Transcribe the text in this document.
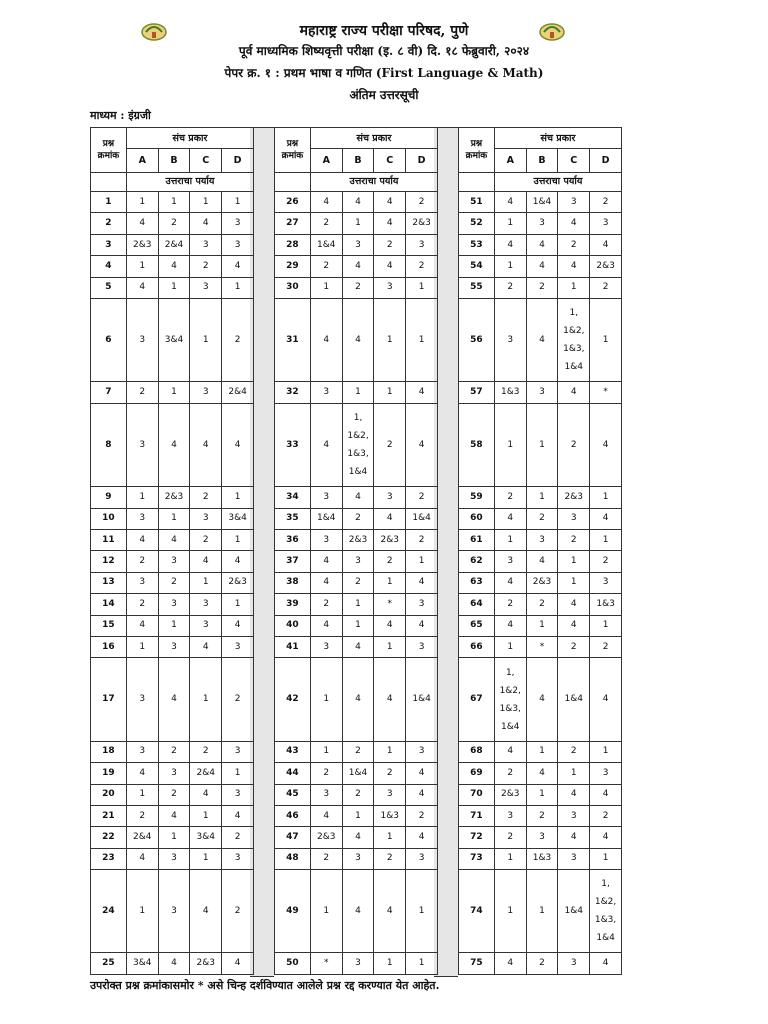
महाराष्ट्र राज्य परीक्षा परिषद, पुणे
पूर्व माध्यमिक शिष्यवृत्ती परीक्षा (इ. ८ वी) दि. १८ फेब्रुवारी, २०२४
पेपर क्र. १ : प्रथम भाषा व गणित (First Language & Math)
अंतिम उत्तरसूची
माध्यम : इंग्रजी
प्रश्न क्रमांक	संच प्रकार			
	A	B	C	D
	उत्तराचा पर्याय			
1	1	1	1	1
2	4	2	4	3
3	2&3	2&4	3	3
4	1	4	2	4
5	4	1	3	1
6	3	3&4	1	2
7	2	1	3	2&4
8	3	4	4	4
9	1	2&3	2	1
10	3	1	3	3&4
11	4	4	2	1
12	2	3	4	4
13	3	2	1	2&3
14	2	3	3	1
15	4	1	3	4
16	1	3	4	3
17	3	4	1	2
18	3	2	2	3
19	4	3	2&4	1
20	1	2	4	3
21	2	4	1	4
22	2&4	1	3&4	2
23	4	3	1	3
24	1	3	4	2
25	3&4	4	2&3	4
प्रश्न क्रमांक	संच प्रकार			
	A	B	C	D
	उत्तराचा पर्याय			
26	4	4	4	2
27	2	1	4	2&3
28	1&4	3	2	3
29	2	4	4	2
30	1	2	3	1
31	4	4	1	1
32	3	1	1	4
33	4	1, 1&2, 1&3, 1&4	2	4
34	3	4	3	2
35	1&4	2	4	1&4
36	3	2&3	2&3	2
37	4	3	2	1
38	4	2	1	4
39	2	1	*	3
40	4	1	4	4
41	3	4	1	3
42	1	4	4	1&4
43	1	2	1	3
44	2	1&4	2	4
45	3	2	3	4
46	4	1	1&3	2
47	2&3	4	1	4
48	2	3	2	3
49	1	4	4	1
50	*	3	1	1
प्रश्न क्रमांक	संच प्रकार			
	A	B	C	D
	उत्तराचा पर्याय			
51	4	1&4	3	2
52	1	3	4	3
53	4	4	2	4
54	1	4	4	2&3
55	2	2	1	2
56	3	4	1, 1&2, 1&3, 1&4	1
57	1&3	3	4	*
58	1	1	2	4
59	2	1	2&3	1
60	4	2	3	4
61	1	3	2	1
62	3	4	1	2
63	4	2&3	1	3
64	2	2	4	1&3
65	4	1	4	1
66	1	*	2	2
67	1, 1&2, 1&3, 1&4	4	1&4	4
68	4	1	2	1
69	2	4	1	3
70	2&3	1	4	4
71	3	2	3	2
72	2	3	4	4
73	1	1&3	3	1
74	1	1	1&4	1, 1&2, 1&3, 1&4
75	4	2	3	4
उपरोक्त प्रश्न क्रमांकासमोर * असे चिन्ह दर्शविण्यात आलेले प्रश्न रद्द करण्यात येत आहेत.
